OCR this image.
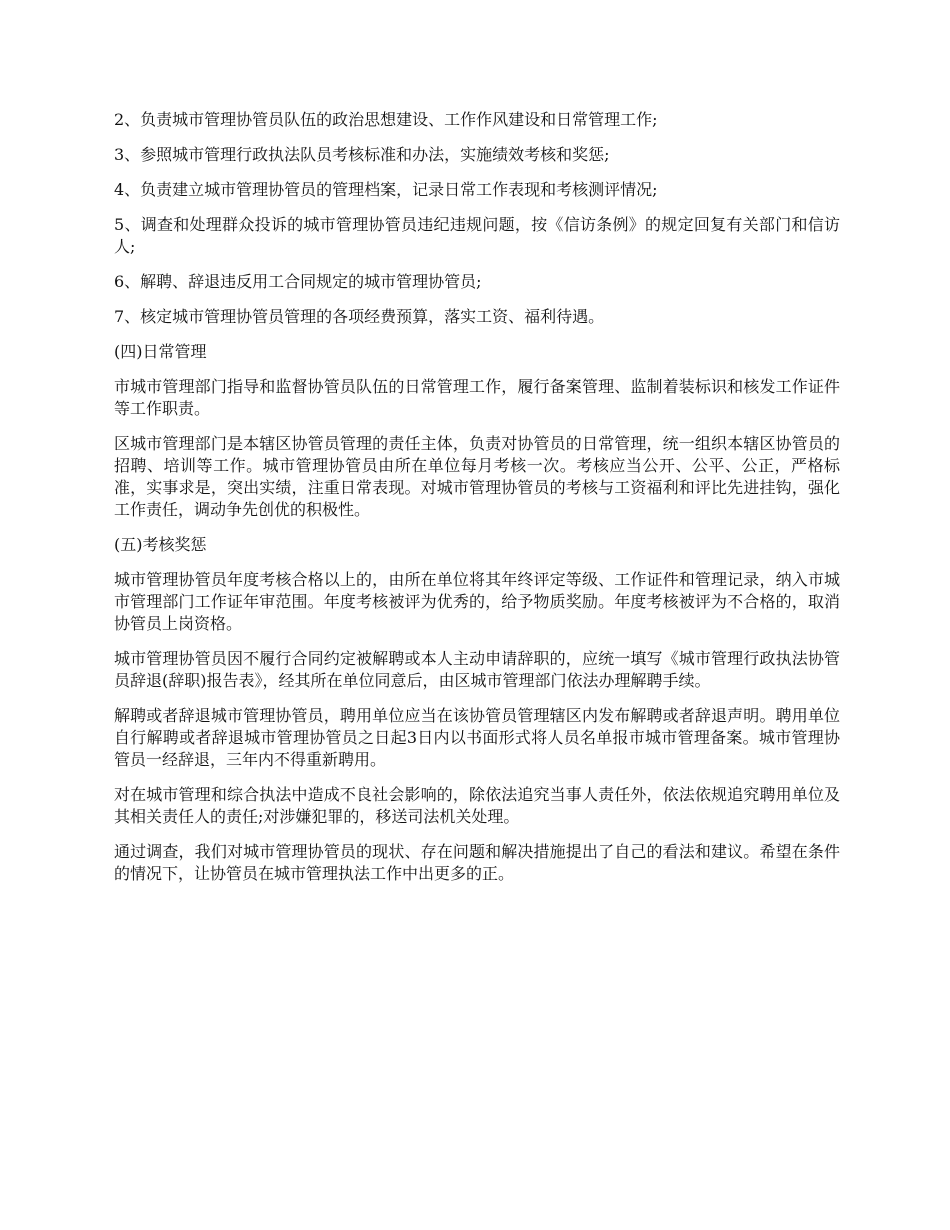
2、负责城市管理协管员队伍的政治思想建设、工作作风建设和日常管理工作;

3、参照城市管理行政执法队员考核标准和办法，实施绩效考核和奖惩;

4、负责建立城市管理协管员的管理档案，记录日常工作表现和考核测评情况;

5、调查和处理群众投诉的城市管理协管员违纪违规问题，按《信访条例》的规定回复有关部门和信访人;

6、解聘、辞退违反用工合同规定的城市管理协管员;

7、核定城市管理协管员管理的各项经费预算，落实工资、福利待遇。

(四)日常管理

市城市管理部门指导和监督协管员队伍的日常管理工作，履行备案管理、监制着装标识和核发工作证件等工作职责。

区城市管理部门是本辖区协管员管理的责任主体，负责对协管员的日常管理，统一组织本辖区协管员的招聘、培训等工作。城市管理协管员由所在单位每月考核一次。考核应当公开、公平、公正，严格标准，实事求是，突出实绩，注重日常表现。对城市管理协管员的考核与工资福利和评比先进挂钩，强化工作责任，调动争先创优的积极性。

(五)考核奖惩

城市管理协管员年度考核合格以上的，由所在单位将其年终评定等级、工作证件和管理记录，纳入市城市管理部门工作证年审范围。年度考核被评为优秀的，给予物质奖励。年度考核被评为不合格的，取消协管员上岗资格。

城市管理协管员因不履行合同约定被解聘或本人主动申请辞职的，应统一填写《城市管理行政执法协管员辞退(辞职)报告表》，经其所在单位同意后，由区城市管理部门依法办理解聘手续。

解聘或者辞退城市管理协管员，聘用单位应当在该协管员管理辖区内发布解聘或者辞退声明。聘用单位自行解聘或者辞退城市管理协管员之日起3日内以书面形式将人员名单报市城市管理备案。城市管理协管员一经辞退，三年内不得重新聘用。

对在城市管理和综合执法中造成不良社会影响的，除依法追究当事人责任外，依法依规追究聘用单位及其相关责任人的责任;对涉嫌犯罪的，移送司法机关处理。

通过调查，我们对城市管理协管员的现状、存在问题和解决措施提出了自己的看法和建议。希望在条件的情况下，让协管员在城市管理执法工作中出更多的正。
